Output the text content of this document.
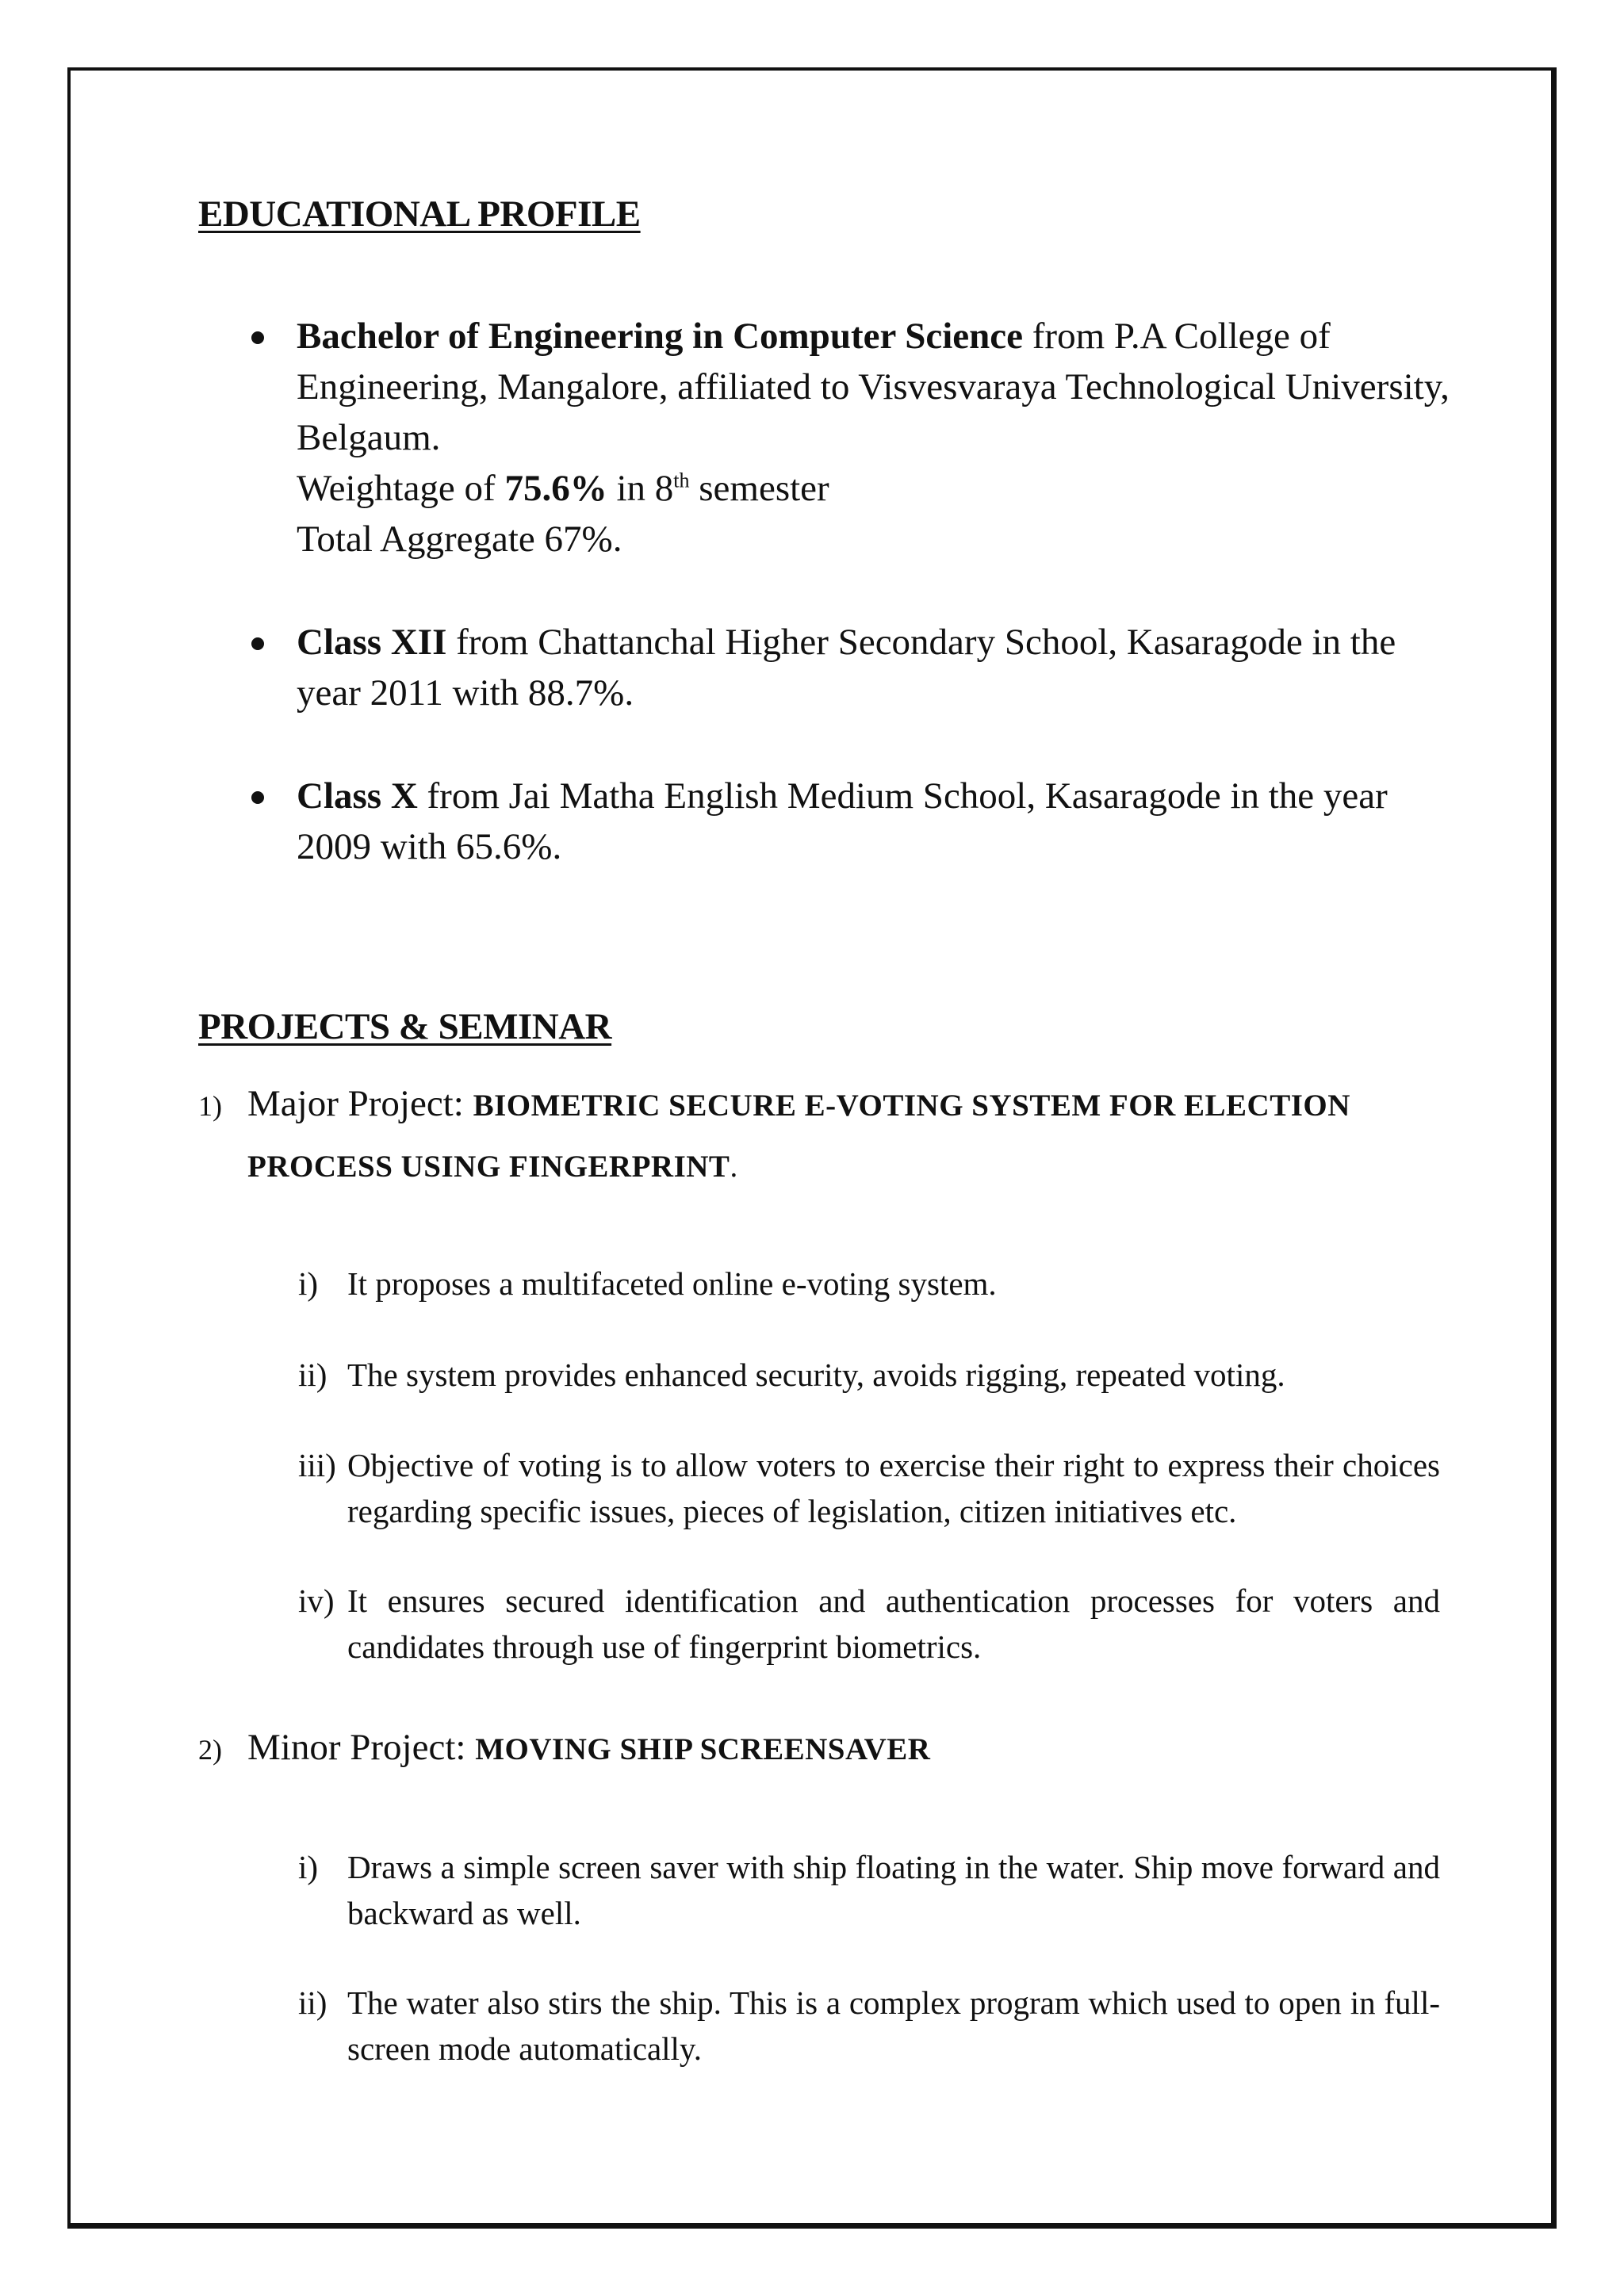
EDUCATIONAL PROFILE
Bachelor of Engineering in Computer Science from P.A College of Engineering, Mangalore, affiliated to Visvesvaraya Technological University, Belgaum.
Weightage of 75.6% in 8th semester
Total Aggregate 67%.
Class XII from Chattanchal Higher Secondary School, Kasaragode in the year 2011 with 88.7%.
Class X from Jai Matha English Medium School, Kasaragode in the year 2009 with 65.6%.
PROJECTS & SEMINAR
1) Major Project: BIOMETRIC SECURE E-VOTING SYSTEM FOR ELECTION
PROCESS USING FINGERPRINT.
i) It proposes a multifaceted online e-voting system.
ii) The system provides enhanced security, avoids rigging, repeated voting.
iii) Objective of voting is to allow voters to exercise their right to express their choices regarding specific issues, pieces of legislation, citizen initiatives etc.
iv) It ensures secured identification and authentication processes for voters and candidates through use of fingerprint biometrics.
2) Minor Project: MOVING SHIP SCREENSAVER
i) Draws a simple screen saver with ship floating in the water. Ship move forward and backward as well.
ii) The water also stirs the ship. This is a complex program which used to open in full-screen mode automatically.
